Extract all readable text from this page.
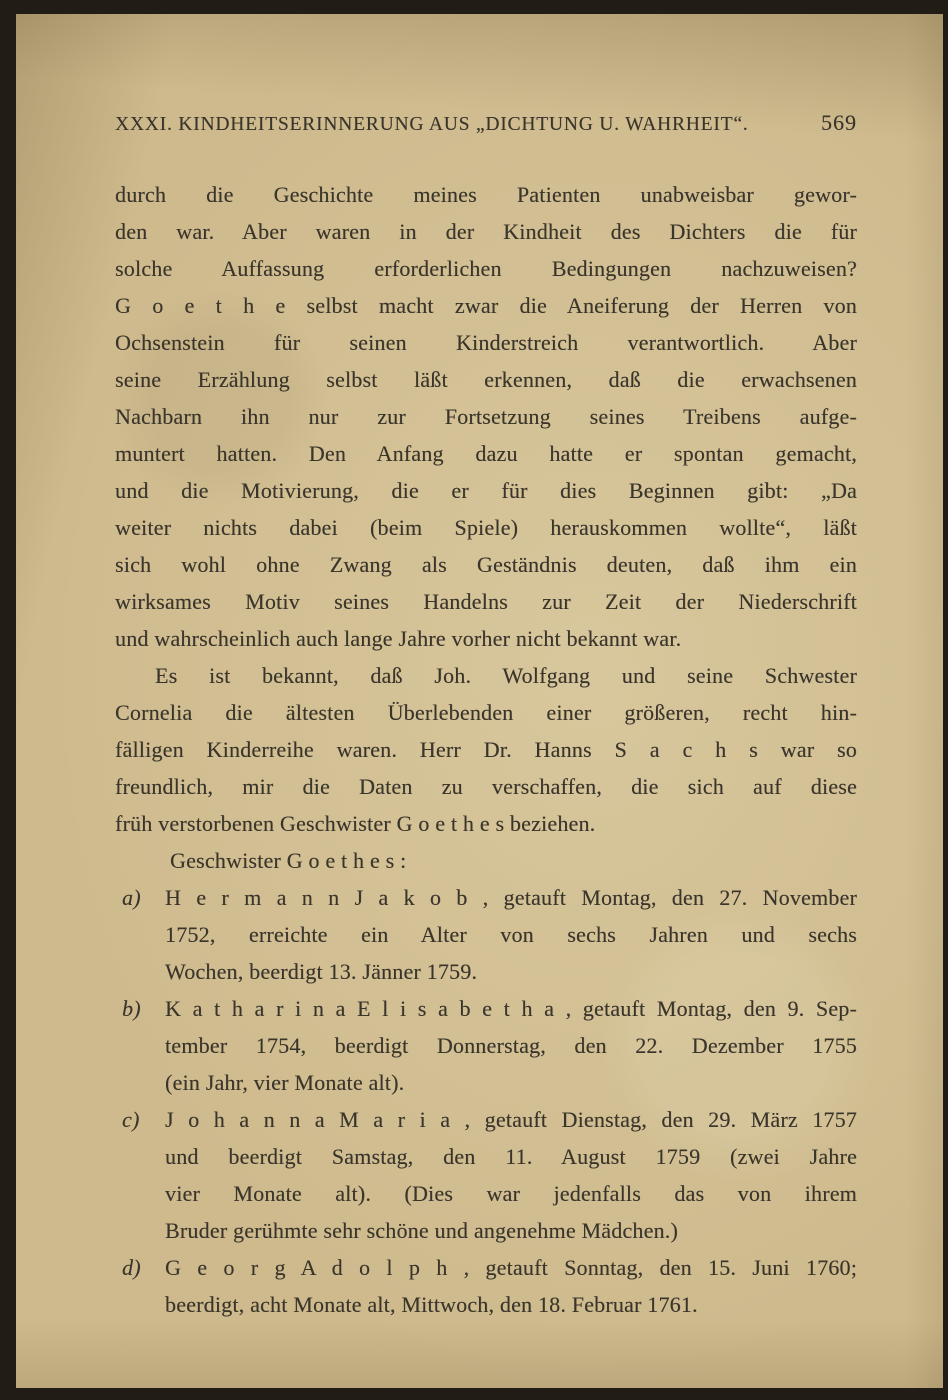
XXXI. KINDHEITSERINNERUNG AUS „DICHTUNG U. WAHRHEIT“.	569
durch die Geschichte meines Patienten unabweisbar gewor-
den war. Aber waren in der Kindheit des Dichters die für
solche Auffassung erforderlichen Bedingungen nachzuweisen?
G o e t h e selbst macht zwar die Aneiferung der Herren von
Ochsenstein für seinen Kinderstreich verantwortlich. Aber
seine Erzählung selbst läßt erkennen, daß die erwachsenen
Nachbarn ihn nur zur Fortsetzung seines Treibens aufge-
muntert hatten. Den Anfang dazu hatte er spontan gemacht,
und die Motivierung, die er für dies Beginnen gibt: „Da
weiter nichts dabei (beim Spiele) herauskommen wollte“, läßt
sich wohl ohne Zwang als Geständnis deuten, daß ihm ein
wirksames Motiv seines Handelns zur Zeit der Niederschrift
und wahrscheinlich auch lange Jahre vorher nicht bekannt war.
Es ist bekannt, daß Joh. Wolfgang und seine Schwester
Cornelia die ältesten Überlebenden einer größeren, recht hin-
fälligen Kinderreihe waren. Herr Dr. Hanns S a c h s war so
freundlich, mir die Daten zu verschaffen, die sich auf diese
früh verstorbenen Geschwister G o e t h e s beziehen.
Geschwister G o e t h e s :
a) H e r m a n n J a k o b , getauft Montag, den 27. November
1752, erreichte ein Alter von sechs Jahren und sechs
Wochen, beerdigt 13. Jänner 1759.
b) K a t h a r i n a E l i s a b e t h a , getauft Montag, den 9. Sep-
tember 1754, beerdigt Donnerstag, den 22. Dezember 1755
(ein Jahr, vier Monate alt).
c) J o h a n n a M a r i a , getauft Dienstag, den 29. März 1757
und beerdigt Samstag, den 11. August 1759 (zwei Jahre
vier Monate alt). (Dies war jedenfalls das von ihrem
Bruder gerühmte sehr schöne und angenehme Mädchen.)
d) G e o r g A d o l p h , getauft Sonntag, den 15. Juni 1760;
beerdigt, acht Monate alt, Mittwoch, den 18. Februar 1761.
